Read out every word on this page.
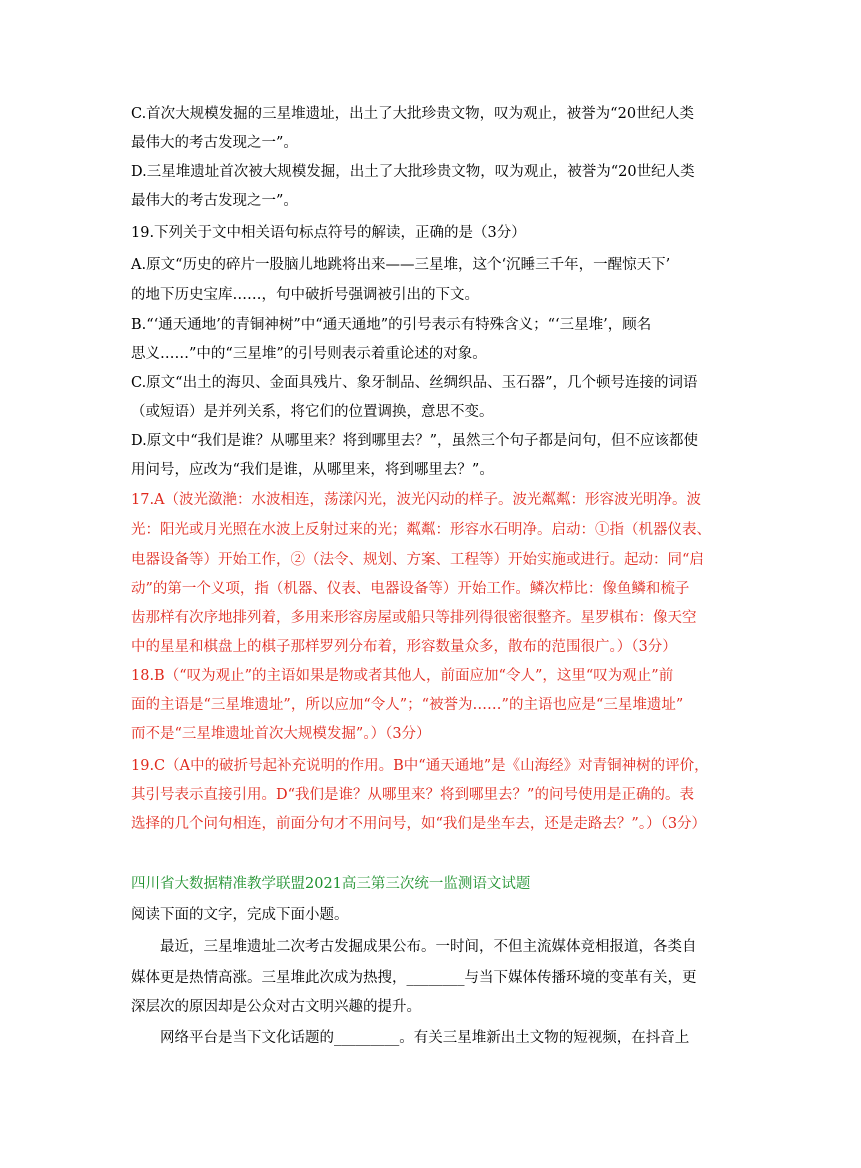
C.首次大规模发掘的三星堆遗址，出土了大批珍贵文物，叹为观止，被誉为“20世纪人类
最伟大的考古发现之一”。
D.三星堆遗址首次被大规模发掘，出土了大批珍贵文物，叹为观止，被誉为“20世纪人类
最伟大的考古发现之一”。
19.下列关于文中相关语句标点符号的解读，正确的是（3分）
A.原文“历史的碎片一股脑儿地跳将出来——三星堆，这个‘沉睡三千年，一醒惊天下’
的地下历史宝库……，句中破折号强调被引出的下文。
B.“‘通天通地’的青铜神树”中“通天通地”的引号表示有特殊含义；“‘三星堆’，顾名
思义……”中的“三星堆”的引号则表示着重论述的对象。
C.原文“出土的海贝、金面具残片、象牙制品、丝绸织品、玉石器”，几个顿号连接的词语
（或短语）是并列关系，将它们的位置调换，意思不变。
D.原文中“我们是谁？从哪里来？将到哪里去？”，虽然三个句子都是问句，但不应该都使
用问号，应改为“我们是谁，从哪里来，将到哪里去？”。
17.A（波光潋滟：水波相连，荡漾闪光，波光闪动的样子。波光粼粼：形容波光明净。波
光：阳光或月光照在水波上反射过来的光；粼粼：形容水石明净。启动：①指（机器仪表、
电器设备等）开始工作，②（法令、规划、方案、工程等）开始实施或进行。起动：同“启
动”的第一个义项，指（机器、仪表、电器设备等）开始工作。鳞次栉比：像鱼鳞和梳子
齿那样有次序地排列着，多用来形容房屋或船只等排列得很密很整齐。星罗棋布：像天空
中的星星和棋盘上的棋子那样罗列分布着，形容数量众多，散布的范围很广。）（3分）
18.B（“叹为观止”的主语如果是物或者其他人，前面应加“令人”，这里“叹为观止”前
面的主语是“三星堆遗址”，所以应加“令人”；“被誉为……”的主语也应是“三星堆遗址”
而不是“三星堆遗址首次大规模发掘”。）（3分）
19.C（A中的破折号起补充说明的作用。B中“通天通地”是《山海经》对青铜神树的评价，
其引号表示直接引用。D“我们是谁？从哪里来？将到哪里去？”的问号使用是正确的。表
选择的几个问句相连，前面分句才不用问号，如“我们是坐车去，还是走路去？”。）（3分）
四川省大数据精准教学联盟2021高三第三次统一监测语文试题
阅读下面的文字，完成下面小题。
最近，三星堆遗址二次考古发掘成果公布。一时间，不但主流媒体竞相报道，各类自
媒体更是热情高涨。三星堆此次成为热搜，________与当下媒体传播环境的变革有关，更
深层次的原因却是公众对古文明兴趣的提升。
网络平台是当下文化话题的_________。有关三星堆新出土文物的短视频，在抖音上
